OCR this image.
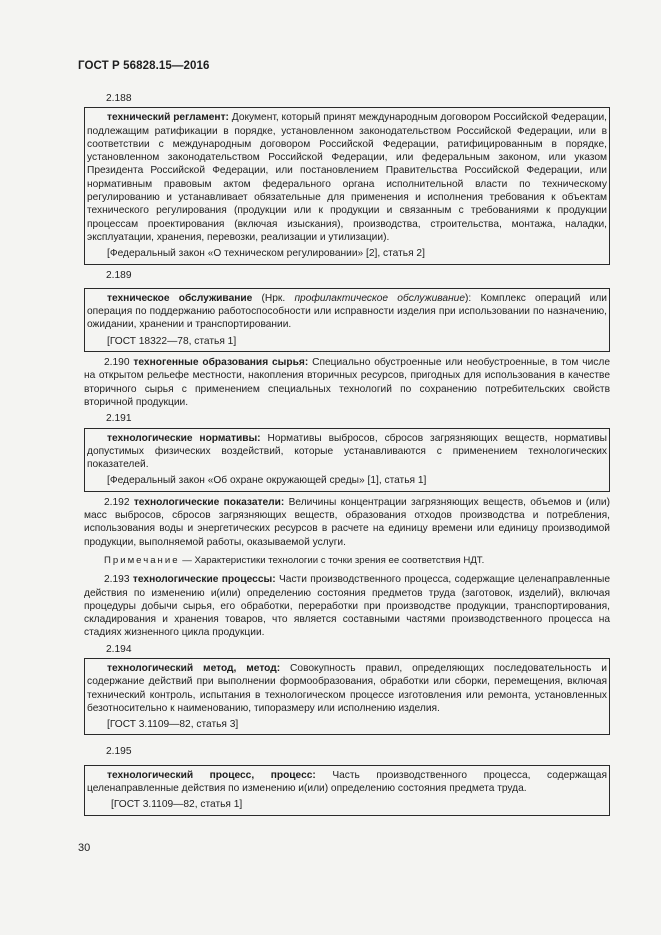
ГОСТ Р 56828.15—2016

2.188

технический регламент: Документ, который принят международным договором Российской Федерации, подлежащим ратификации в порядке, установленном законодательством Российской Федерации, или в соответствии с международным договором Российской Федерации, ратифицированным в порядке, установленном законодательством Российской Федерации, или федеральным законом, или указом Президента Российской Федерации, или постановлением Правительства Российской Федерации, или нормативным правовым актом федерального органа исполнительной власти по техническому регулированию и устанавливает обязательные для применения и исполнения требования к объектам технического регулирования (продукции или к продукции и связанным с требованиями к продукции процессам проектирования (включая изыскания), производства, строительства, монтажа, наладки, эксплуатации, хранения, перевозки, реализации и утилизации).

[Федеральный закон «О техническом регулировании» [2], статья 2]

2.189

техническое обслуживание (Нрк. профилактическое обслуживание): Комплекс операций или операция по поддержанию работоспособности или исправности изделия при использовании по назначению, ожидании, хранении и транспортировании.

[ГОСТ 18322—78, статья 1]

2.190 техногенные образования сырья: Специально обустроенные или необустроенные, в том числе на открытом рельефе местности, накопления вторичных ресурсов, пригодных для использования в качестве вторичного сырья с применением специальных технологий по сохранению потребительских свойств вторичной продукции.

2.191

технологические нормативы: Нормативы выбросов, сбросов загрязняющих веществ, нормативы допустимых физических воздействий, которые устанавливаются с применением технологических показателей.

[Федеральный закон «Об охране окружающей среды» [1], статья 1]

2.192 технологические показатели: Величины концентрации загрязняющих веществ, объемов и (или) масс выбросов, сбросов загрязняющих веществ, образования отходов производства и потребления, использования воды и энергетических ресурсов в расчете на единицу времени или единицу производимой продукции, выполняемой работы, оказываемой услуги.

Примечание — Характеристики технологии с точки зрения ее соответствия НДТ.

2.193 технологические процессы: Части производственного процесса, содержащие целенаправленные действия по изменению и(или) определению состояния предметов труда (заготовок, изделий), включая процедуры добычи сырья, его обработки, переработки при производстве продукции, транспортирования, складирования и хранения товаров, что является составными частями производственного процесса на стадиях жизненного цикла продукции.

2.194

технологический метод, метод: Совокупность правил, определяющих последовательность и содержание действий при выполнении формообразования, обработки или сборки, перемещения, включая технический контроль, испытания в технологическом процессе изготовления или ремонта, установленных безотносительно к наименованию, типоразмеру или исполнению изделия.

[ГОСТ 3.1109—82, статья 3]

2.195

технологический процесс, процесс: Часть производственного процесса, содержащая целенаправленные действия по изменению и(или) определению состояния предмета труда.

[ГОСТ 3.1109—82, статья 1]
30
